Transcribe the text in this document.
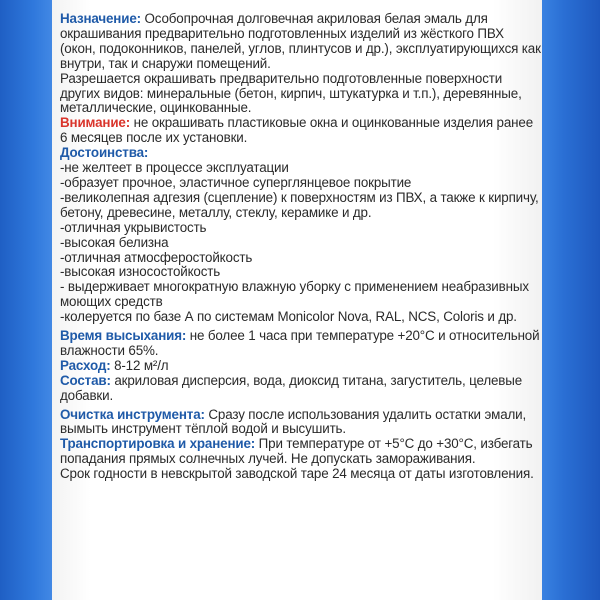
Назначение: Особопрочная долговечная акриловая белая эмаль для окрашивания предварительно подготовленных изделий из жёсткого ПВХ (окон, подоконников, панелей, углов, плинтусов и др.), эксплуатирующихся как внутри, так и снаружи помещений.

Разрешается окрашивать предварительно подготовленные поверхности других видов: минеральные (бетон, кирпич, штукатурка и т.п.), деревянные, металлические, оцинкованные.

Внимание: не окрашивать пластиковые окна и оцинкованные изделия ранее 6 месяцев после их установки.

Достоинства:

-не желтеет в процессе эксплуатации

-образует прочное, эластичное суперглянцевое покрытие

-великолепная адгезия (сцепление) к поверхностям из ПВХ, а также к кирпичу, бетону, древесине, металлу, стеклу, керамике и др.

-отличная укрывистость

-высокая белизна

-отличная атмосферостойкость

-высокая износостойкость

- выдерживает многократную влажную уборку с применением неабразивных моющих средств

-колеруется по базе А по системам Monicolor Nova, RAL, NCS, Coloris и др.

Время высыхания: не более 1 часа при температуре +20°С и относительной влажности 65%.

Расход: 8-12 м²/л

Состав: акриловая дисперсия, вода, диоксид титана, загуститель, целевые добавки.

Очистка инструмента: Сразу после использования удалить остатки эмали, вымыть инструмент тёплой водой и высушить.

Транспортировка и хранение: При температуре от +5°С до +30°С, избегать попадания прямых солнечных лучей. Не допускать замораживания.

Срок годности в невскрытой заводской таре 24 месяца от даты изготовления.
